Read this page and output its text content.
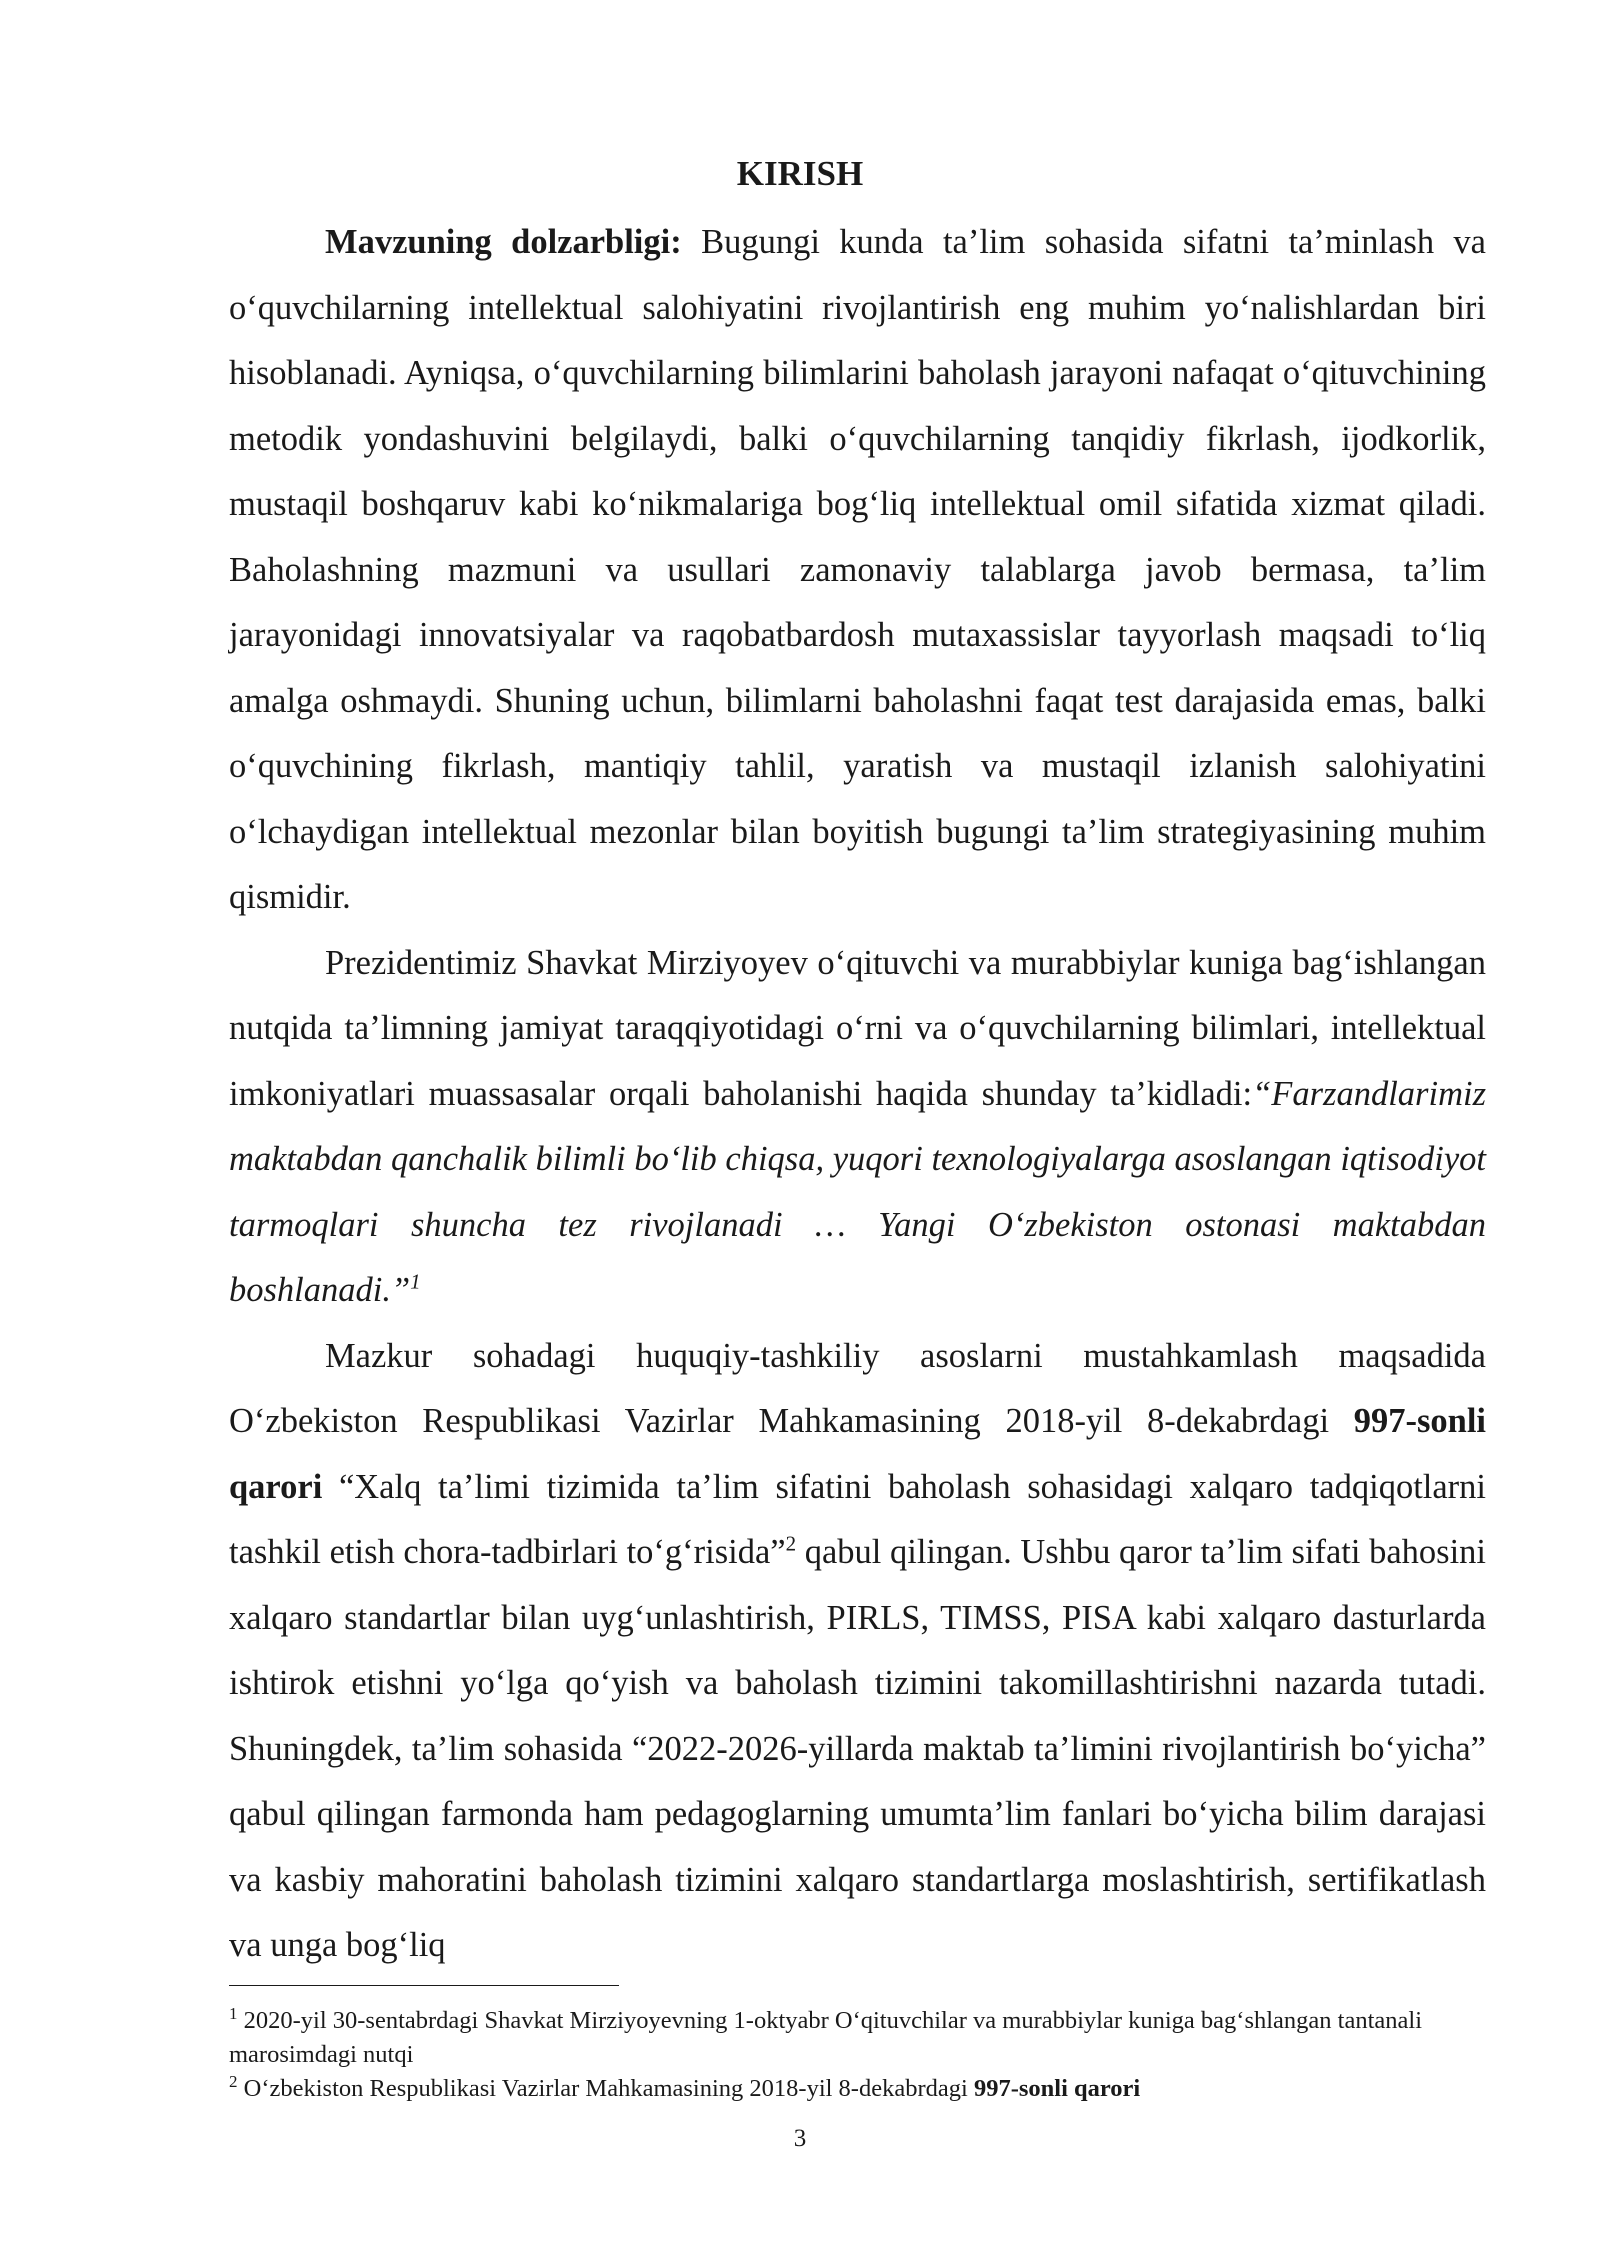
KIRISH

Mavzuning dolzarbligi: Bugungi kunda ta’lim sohasida sifatni ta’minlash va o‘quvchilarning intellektual salohiyatini rivojlantirish eng muhim yo‘nalishlardan biri hisoblanadi. Ayniqsa, o‘quvchilarning bilimlarini baholash jarayoni nafaqat o‘qituvchining metodik yondashuvini belgilaydi, balki o‘quvchilarning tanqidiy fikrlash, ijodkorlik, mustaqil boshqaruv kabi ko‘nikmalariga bog‘liq intellektual omil sifatida xizmat qiladi. Baholashning mazmuni va usullari zamonaviy talablarga javob bermasa, ta’lim jarayonidagi innovatsiyalar va raqobatbardosh mutaxassislar tayyorlash maqsadi to‘liq amalga oshmaydi. Shuning uchun, bilimlarni baholashni faqat test darajasida emas, balki o‘quvchining fikrlash, mantiqiy tahlil, yaratish va mustaqil izlanish salohiyatini o‘lchaydigan intellektual mezonlar bilan boyitish bugungi ta’lim strategiyasining muhim qismidir.

Prezidentimiz Shavkat Mirziyoyev o‘qituvchi va murabbiylar kuniga bag‘ishlangan nutqida ta’limning jamiyat taraqqiyotidagi o‘rni va o‘quvchilarning bilimlari, intellektual imkoniyatlari muassasalar orqali baholanishi haqida shunday ta’kidladi:“Farzandlarimiz maktabdan qanchalik bilimli bo‘lib chiqsa, yuqori texnologiyalarga asoslangan iqtisodiyot tarmoqlari shuncha tez rivojlanadi … Yangi O‘zbekiston ostonasi maktabdan boshlanadi.”$^1$

Mazkur sohadagi huquqiy-tashkiliy asoslarni mustahkamlash maqsadida O‘zbekiston Respublikasi Vazirlar Mahkamasining 2018-yil 8-dekabrdagi 997-sonli qarori “Xalq ta’limi tizimida ta’lim sifatini baholash sohasidagi xalqaro tadqiqotlarni tashkil etish chora-tadbirlari to‘g‘risida”$^2$ qabul qilingan. Ushbu qaror ta’lim sifati bahosini xalqaro standartlar bilan uyg‘unlashtirish, PIRLS, TIMSS, PISA kabi xalqaro dasturlarda ishtirok etishni yo‘lga qo‘yish va baholash tizimini takomillashtirishni nazarda tutadi. Shuningdek, ta’lim sohasida “2022-2026-yillarda maktab ta’limini rivojlantirish bo‘yicha” qabul qilingan farmonda ham pedagoglarning umumta’lim fanlari bo‘yicha bilim darajasi va kasbiy mahoratini baholash tizimini xalqaro standartlarga moslashtirish, sertifikatlash va unga bog‘liq

$^1$ 2020-yil 30-sentabrdagi Shavkat Mirziyoyevning 1-oktyabr O‘qituvchilar va murabbiylar kuniga bag‘shlangan tantanali marosimdagi nutqi

$^2$ O‘zbekiston Respublikasi Vazirlar Mahkamasining 2018-yil 8-dekabrdagi 997-sonli qarori

3
